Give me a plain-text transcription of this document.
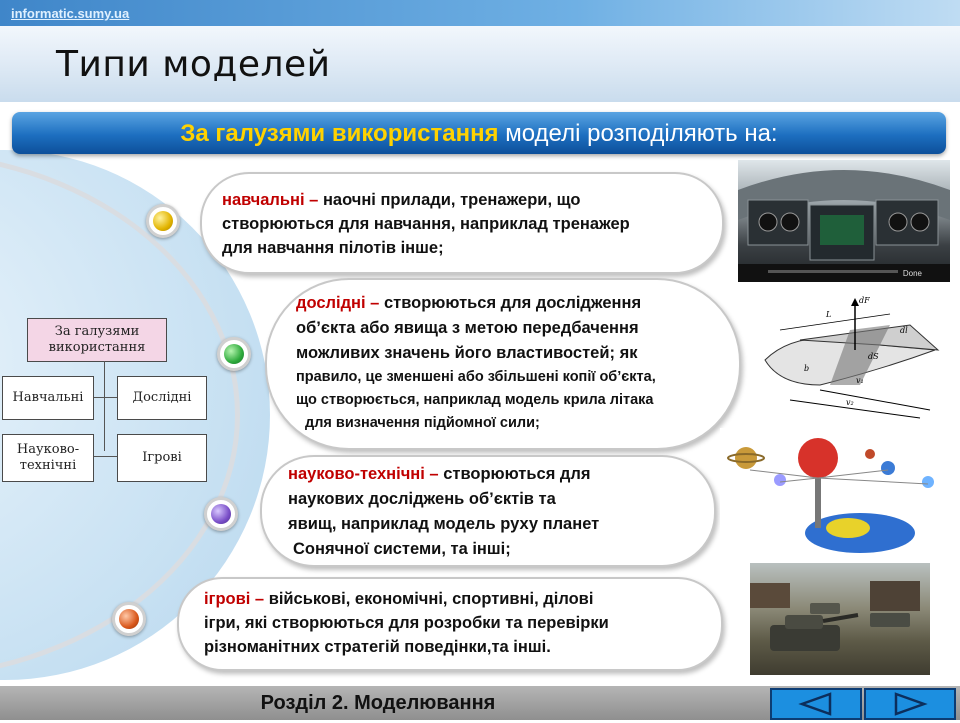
informatic.sumy.ua
Типи моделей
За галузями використання моделі розподіляють на:
За галузями використання
Навчальні	Дослідні
Науково-технічні
Ігрові
навчальні – наочні прилади, тренажери, що
створюються для навчання, наприклад тренажер
для навчання пілотів інше;
дослідні – створюються для дослідження
об’єкта або явища з метою передбачення
можливих значень його властивостей; як
правило, це зменшені або збільшені копії об’єкта,
що створюється, наприклад модель крила літака
для визначення підйомної сили;
науково-технічні – створюються для
наукових досліджень об’єктів та
явищ, наприклад модель руху планет
Сонячної системи, та інші;
ігрові – військові, економічні, спортивні, ділові
ігри, які створюються для розробки та перевірки
різноманітних стратегій поведінки,та інші.
Done
L
dF
dl
dS
b
v₁
v₂
Розділ 2. Моделювання
